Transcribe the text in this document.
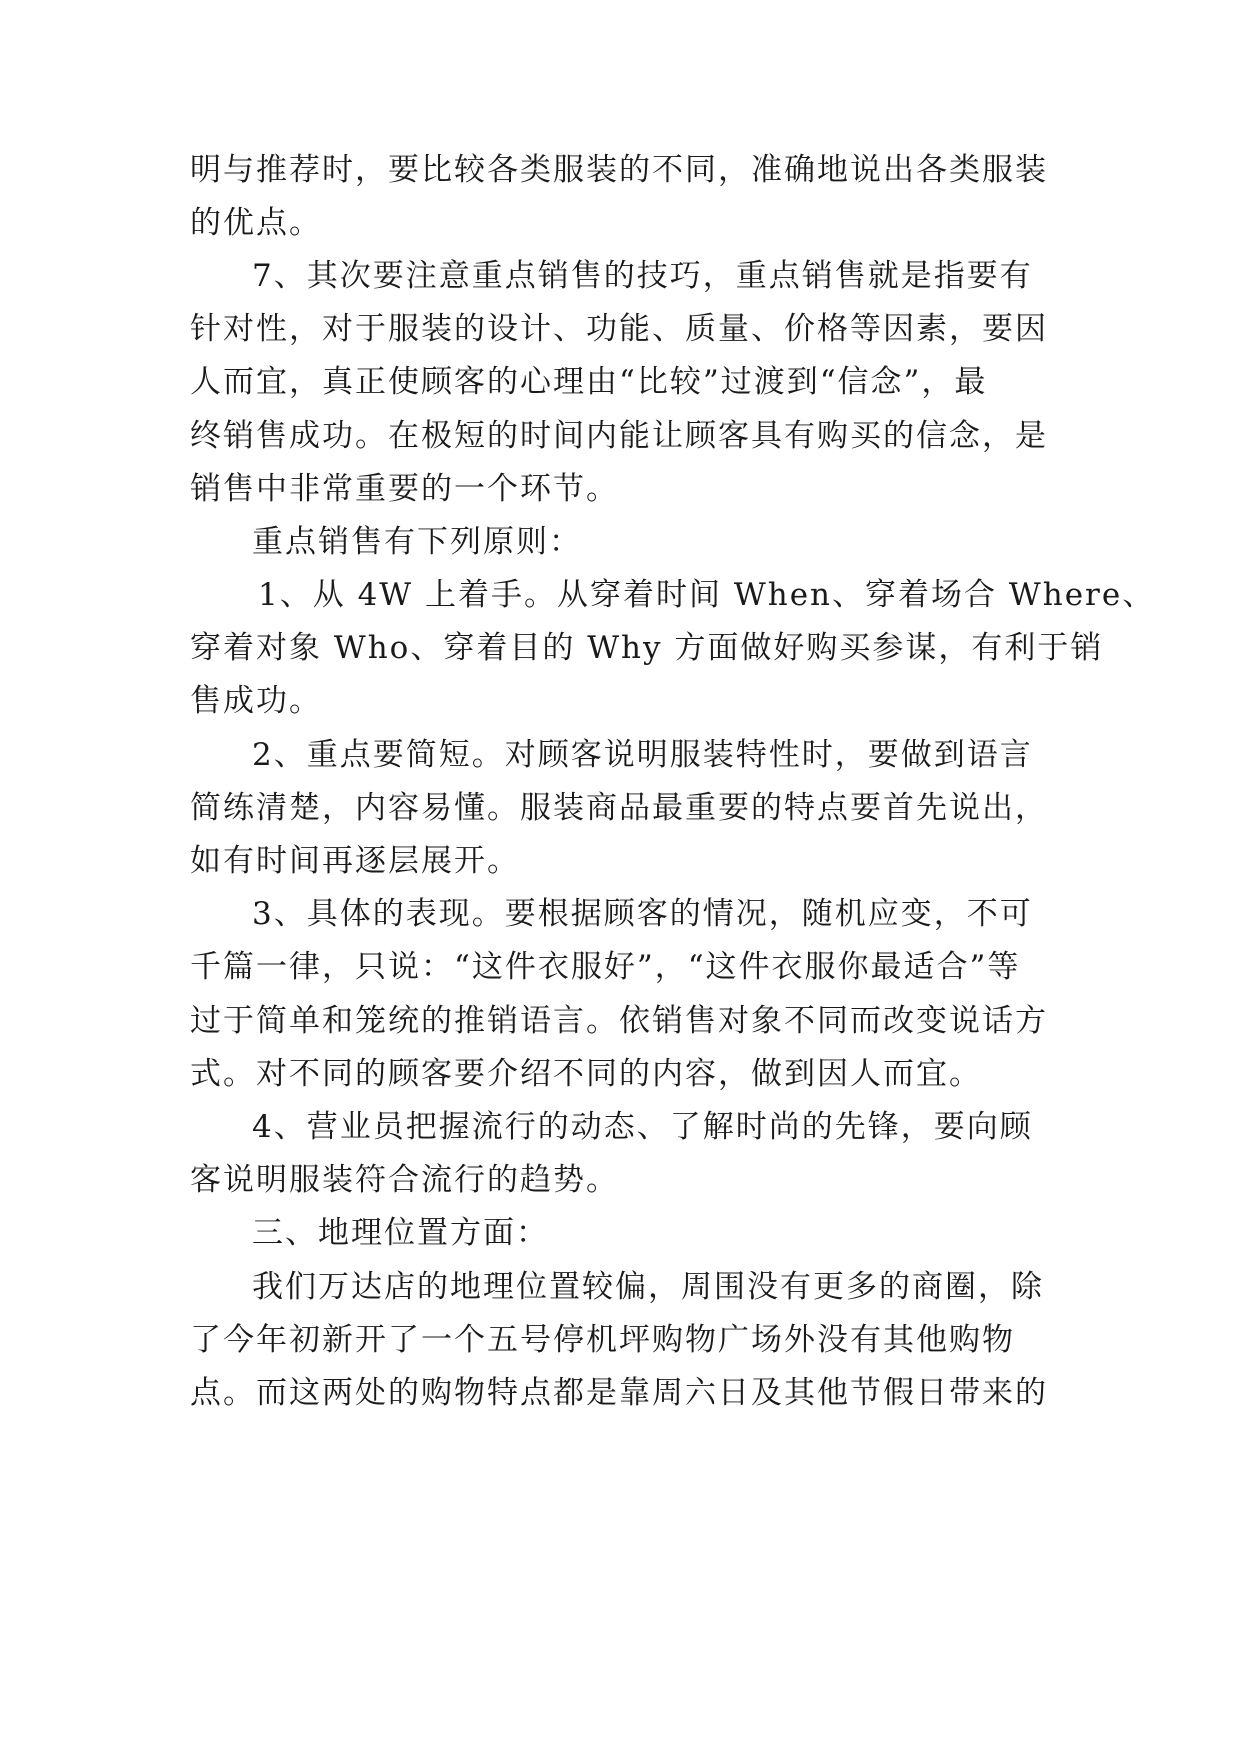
明与推荐时，要比较各类服装的不同，准确地说出各类服装
的优点。
7、其次要注意重点销售的技巧，重点销售就是指要有
针对性，对于服装的设计、功能、质量、价格等因素，要因
人而宜，真正使顾客的心理由“比较”过渡到“信念”，最
终销售成功。在极短的时间内能让顾客具有购买的信念，是
销售中非常重要的一个环节。
重点销售有下列原则：
1、从 4W 上着手。从穿着时间 When、穿着场合 Where、
穿着对象 Who、穿着目的 Why 方面做好购买参谋，有利于销
售成功。
2、重点要简短。对顾客说明服装特性时，要做到语言
简练清楚，内容易懂。服装商品最重要的特点要首先说出，
如有时间再逐层展开。
3、具体的表现。要根据顾客的情况，随机应变，不可
千篇一律，只说：“这件衣服好”，“这件衣服你最适合”等
过于简单和笼统的推销语言。依销售对象不同而改变说话方
式。对不同的顾客要介绍不同的内容，做到因人而宜。
4、营业员把握流行的动态、了解时尚的先锋，要向顾
客说明服装符合流行的趋势。
三、地理位置方面：
我们万达店的地理位置较偏，周围没有更多的商圈，除
了今年初新开了一个五号停机坪购物广场外没有其他购物
点。而这两处的购物特点都是靠周六日及其他节假日带来的
